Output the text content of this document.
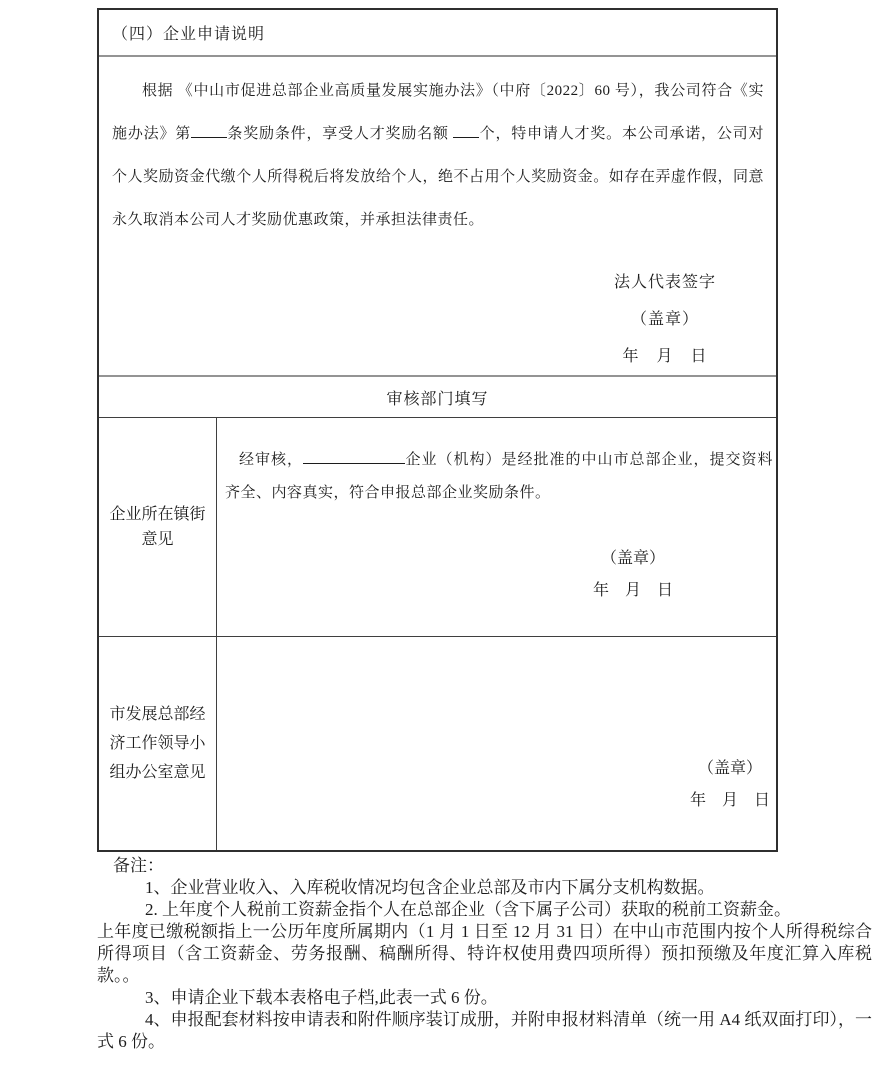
（四）企业申请说明

根据 《中山市促进总部企业高质量发展实施办法》（中府〔2022〕60 号），我公司符合《实施办法》第 条奖励条件，享受人才奖励名额 个，特申请人才奖。本公司承诺，公司对个人奖励资金代缴个人所得税后将发放给个人，绝不占用个人奖励资金。如存在弄虚作假，同意永久取消本公司人才奖励优惠政策，并承担法律责任。

法人代表签字
（盖章）
年　月　日
审核部门填写
企业所在镇街
意见

经审核，	企业（机构）是经批准的中山市总部企业，提交资料齐全、内容真实，符合申报总部企业奖励条件。

（盖章）
年　月　日
市发展总部经
济工作领导小
组办公室意见	（盖章）
年　月　日

备注：

1、企业营业收入、入库税收情况均包含企业总部及市内下属分支机构数据。

2. 上年度个人税前工资薪金指个人在总部企业（含下属子公司）获取的税前工资薪金。

上年度已缴税额指上一公历年度所属期内（1 月 1 日至 12 月 31 日）在中山市范围内按个人所得税综合所得项目（含工资薪金、劳务报酬、稿酬所得、特许权使用费四项所得）预扣预缴及年度汇算入库税款。。

3、申请企业下载本表格电子档,此表一式 6 份。

4、申报配套材料按申请表和附件顺序装订成册，并附申报材料清单（统一用 A4 纸双面打印），一式 6 份。
